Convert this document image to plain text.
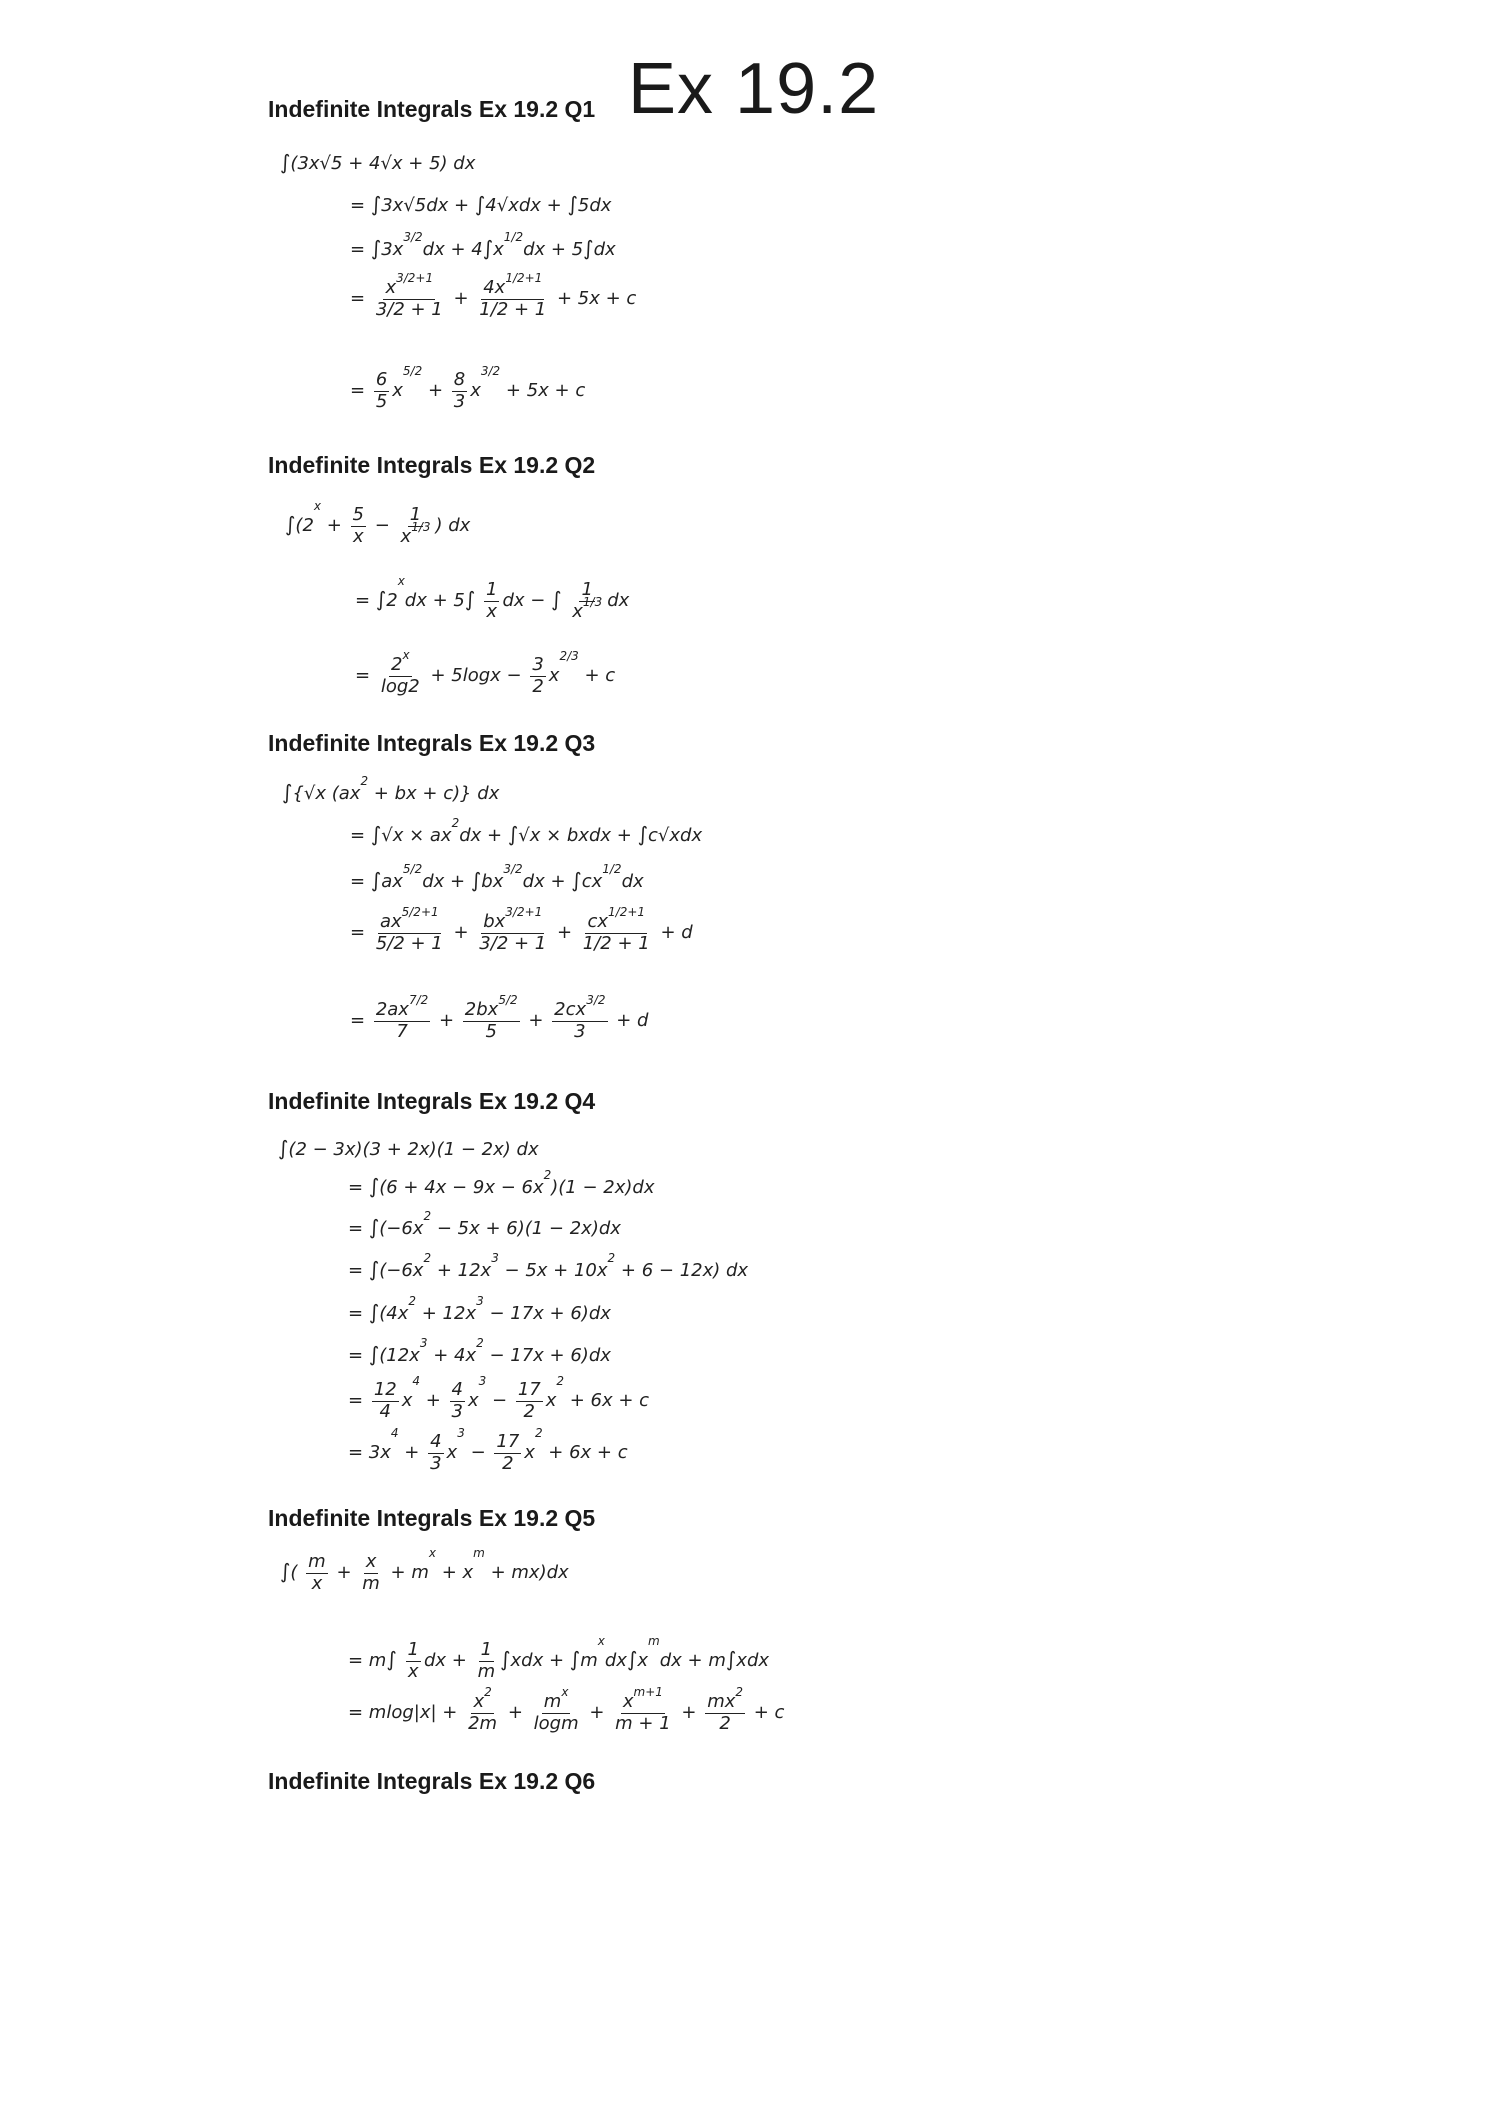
Ex 19.2
Indefinite Integrals Ex 19.2 Q1
∫(3x√5 + 4√x + 5) dx
= ∫3x√5dx + ∫4√xdx + ∫5dx
= $\int 3x^{3/2}dx + 4\int x^{1/2}dx + 5\int dx$
= $\frac{x^{3/2+1}}{3/2 + 1} + \frac{4x^{1/2+1}}{1/2 + 1} + 5x + c$
= $\frac{6}{5} x^{5/2} + \frac{8}{3} x^{3/2} + 5x + c$
Indefinite Integrals Ex 19.2 Q2
$\int(2^x + \frac{5}{x} - \frac{1}{x^{1/3}}$ ) dx
= $\int 2^xdx + 5\int \frac{1}{x}$ dx − ∫ $\frac{1}{x^{1/3}}$ dx
= $\frac{2^x}{\log 2} + 5\log x - \frac{3}{2} x^{2/3} + c$
Indefinite Integrals Ex 19.2 Q3
∫{√x ($ax^2$ + bx + c)} dx
= $\int√x \times ax^2dx + \int√x$ × bxdx + ∫c√xdx
= $\int ax^{5/2}dx + \int bx^{3/2}dx + \int cx^{1/2}dx$
= $\frac{ax^{5/2+1}}{5/2 + 1} + \frac{bx^{3/2+1}}{3/2 + 1} + \frac{cx^{1/2+1}}{1/2 + 1} + d$
= $\frac{2ax^{7/2}}{7} + \frac{2bx^{5/2}}{5} + \frac{2cx^{3/2}}{3} + d$
Indefinite Integrals Ex 19.2 Q4
∫(2 − 3x)(3 + 2x)(1 − 2x) dx
= $\int(6 + 4x - 9x - 6x^2)(1 - 2x)dx$
= $\int(-6x^2 - 5x + 6)(1 - 2x)dx$
= $\int(-6x^2 + 12x^3 - 5x + 10x^2 + 6 - 12x)$ dx
= $\int(4x^2 + 12x^3 - 17x + 6)dx$
= $\int(12x^3 + 4x^2 - 17x + 6)dx$
= $\frac{12}{4} x^4 + \frac{4}{3} x^3 - \frac{17}{2} x^2 + 6x + c$
= $3x^4 + \frac{4}{3} x^3 - \frac{17}{2} x^2 + 6x + c$
Indefinite Integrals Ex 19.2 Q5
∫( $\frac{m}{x} + \frac{x}{m} + m^x + x^m + mx)dx$
= $m\int \frac{1}{x}$ dx + $\frac{1}{m} \int xdx + \int m^xdx\int x^mdx + m\int xdx$
= $mlog|x| + \frac{x^2}{2m} + \frac{m^x}{\log m} + \frac{x^{m+1}}{m + 1} + \frac{mx^2}{2} + c$
Indefinite Integrals Ex 19.2 Q6
